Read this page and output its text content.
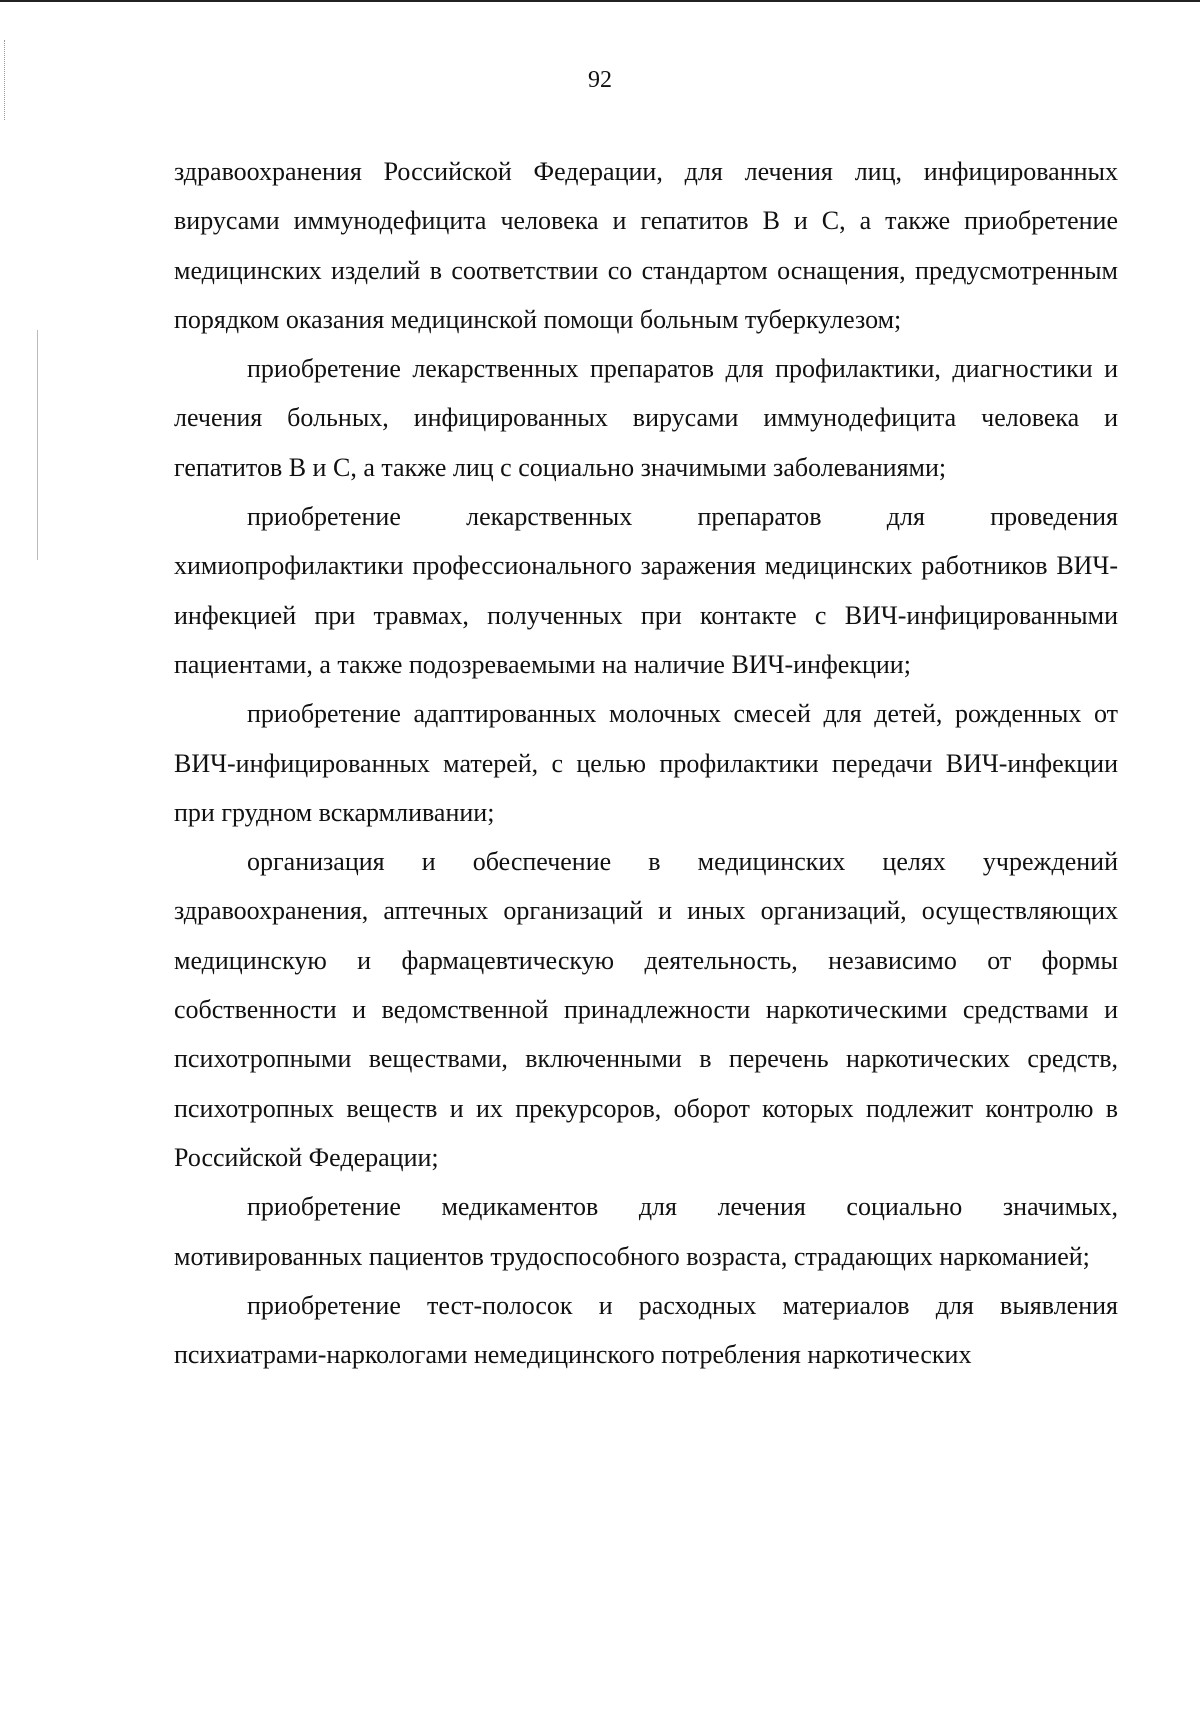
92

здравоохранения Российской Федерации, для лечения лиц, инфицированных вирусами иммунодефицита человека и гепатитов B и C, а также приобретение медицинских изделий в соответствии со стандартом оснащения, предусмотренным порядком оказания медицинской помощи больным туберкулезом;

приобретение лекарственных препаратов для профилактики, диагностики и лечения больных, инфицированных вирусами иммунодефицита человека и гепатитов B и C, а также лиц с социально значимыми заболеваниями;

приобретение лекарственных препаратов для проведения химиопрофилактики профессионального заражения медицинских работников ВИЧ-инфекцией при травмах, полученных при контакте с ВИЧ-инфицированными пациентами, а также подозреваемыми на наличие ВИЧ-инфекции;

приобретение адаптированных молочных смесей для детей, рожденных от ВИЧ-инфицированных матерей, с целью профилактики передачи ВИЧ-инфекции при грудном вскармливании;

организация и обеспечение в медицинских целях учреждений здравоохранения, аптечных организаций и иных организаций, осуществляющих медицинскую и фармацевтическую деятельность, независимо от формы собственности и ведомственной принадлежности наркотическими средствами и психотропными веществами, включенными в перечень наркотических средств, психотропных веществ и их прекурсоров, оборот которых подлежит контролю в Российской Федерации;

приобретение медикаментов для лечения социально значимых, мотивированных пациентов трудоспособного возраста, страдающих наркоманией;

приобретение тест-полосок и расходных материалов для выявления психиатрами-наркологами немедицинского потребления наркотических
